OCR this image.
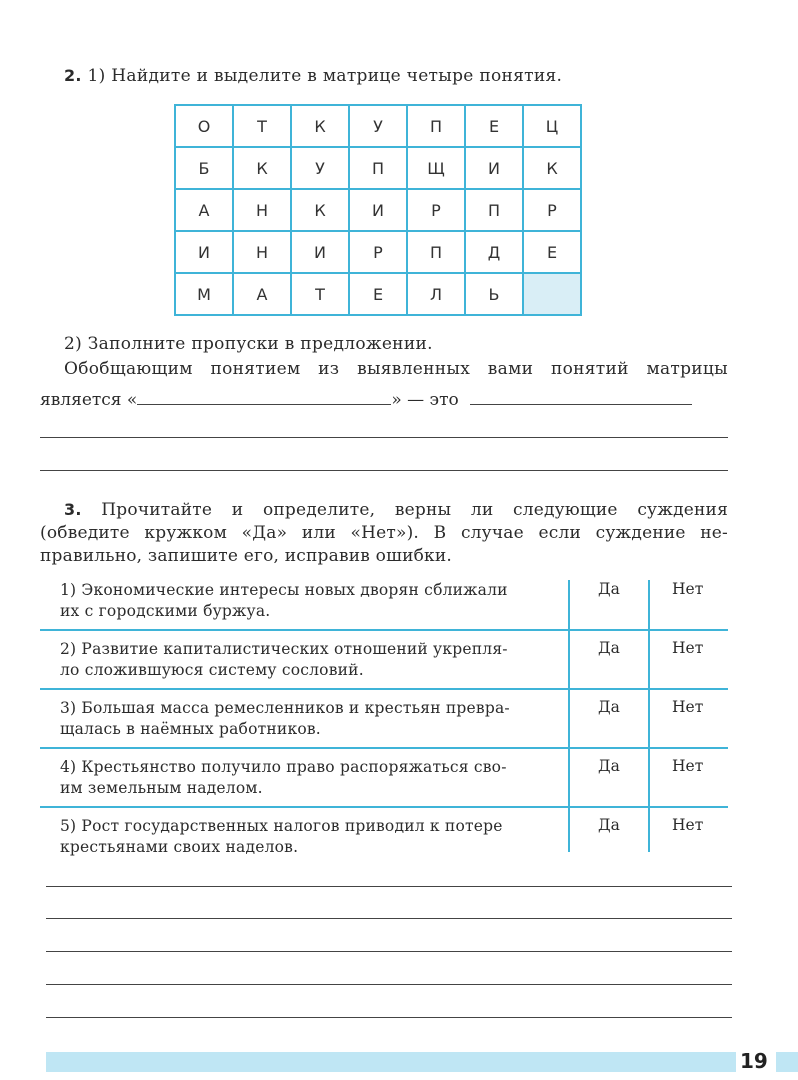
2. 1) Найдите и выделите в матрице четыре понятия.
О	Т	К	У	П	Е	Ц
Б	К	У	П	Щ	И	К
А	Н	К	И	Р	П	Р
И	Н	И	Р	П	Д	Е
М	А	Т	Е	Л	Ь	
2) Заполните пропуски в предложении.
Обобщающим понятием из выявленных вами понятий матрицы
является «	» — это
3. Прочитайте и определите, верны ли следующие суждения
(обведите кружком «Да» или «Нет»). В случае если суждение не-
правильно, запишите его, исправив ошибки.
1) Экономические интересы новых дворян сближали
их с городскими буржуа.
Да	Нет
2) Развитие капиталистических отношений укрепля-
ло сложившуюся систему сословий.
Да	Нет
3) Большая масса ремесленников и крестьян превра-
щалась в наёмных работников.
Да	Нет
4) Крестьянство получило право распоряжаться сво-
им земельным наделом.
Да	Нет
5) Рост государственных налогов приводил к потере
крестьянами своих наделов.
Да	Нет
19
